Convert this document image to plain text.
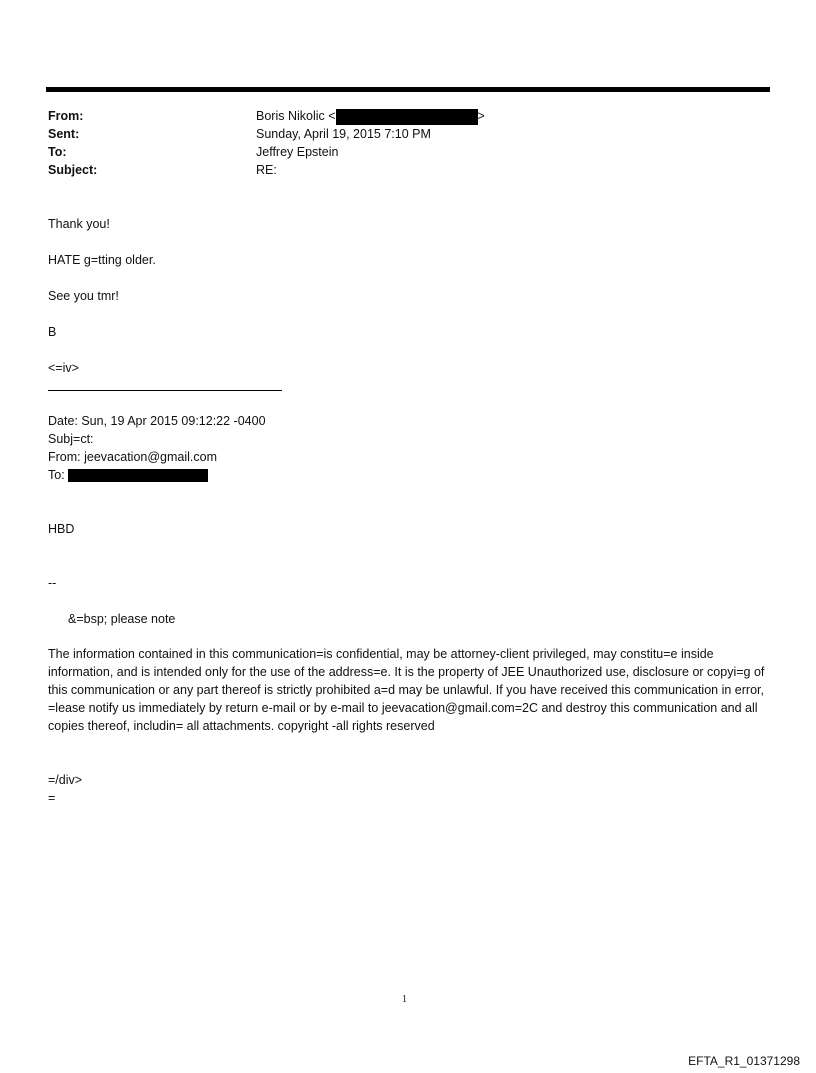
From:	Boris Nikolic <	>
Sent:	Sunday, April 19, 2015 7:10 PM
To:	Jeffrey Epstein
Subject:	RE:
Thank you!
HATE g=tting older.
See you tmr!
B
<=iv>
Date: Sun, 19 Apr 2015 09:12:22 -0400
Subj=ct:
From: jeevacation@gmail.com
To:
HBD
--
&=bsp; please note
The information contained in this communication=is confidential, may be attorney-client privileged, may constitu=e inside information, and is intended only for the use of the address=e. It is the property of JEE Unauthorized use, disclosure or copyi=g of this communication or any part thereof is strictly prohibited a=d may be unlawful. If you have received this communication in error, =lease notify us immediately by return e-mail or by e-mail to jeevacation@gmail.com=2C and destroy this communication and all copies thereof, includin= all attachments. copyright -all rights reserved
=/div>
=
1
EFTA_R1_01371298
